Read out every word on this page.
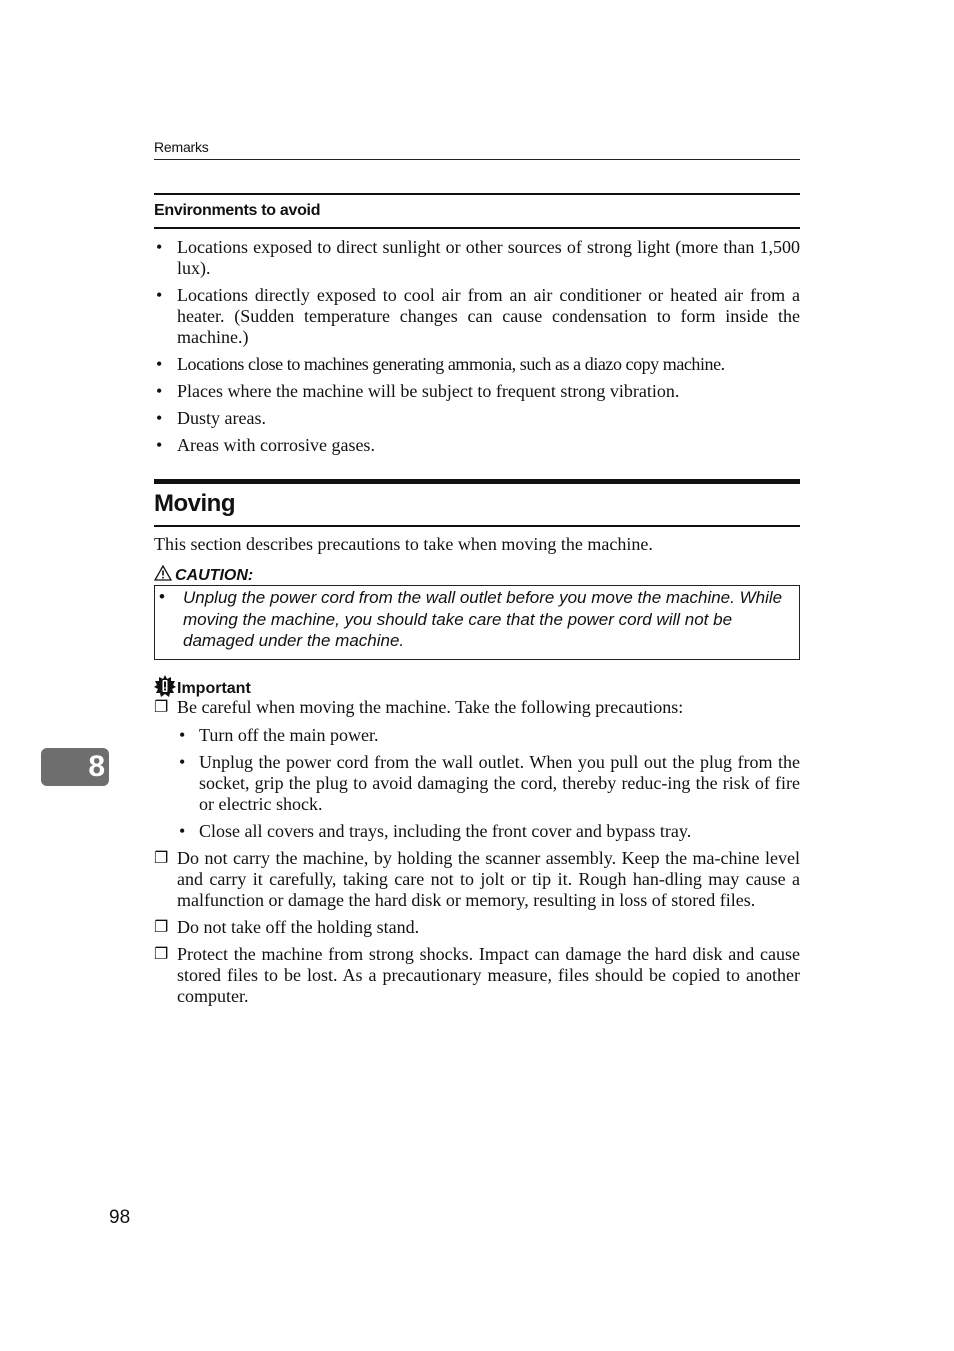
Remarks
Environments to avoid
• Locations exposed to direct sunlight or other sources of strong light (more than 1,500 lux).
• Locations directly exposed to cool air from an air conditioner or heated air from a heater. (Sudden temperature changes can cause condensation to form inside the machine.)
• Locations close to machines generating ammonia, such as a diazo copy machine.
• Places where the machine will be subject to frequent strong vibration.
• Dusty areas.
• Areas with corrosive gases.
Moving
This section describes precautions to take when moving the machine.
CAUTION:
• Unplug the power cord from the wall outlet before you move the machine. While moving the machine, you should take care that the power cord will not be damaged under the machine.
Important
❐ Be careful when moving the machine. Take the following precautions:
• Turn off the main power.
• Unplug the power cord from the wall outlet. When you pull out the plug from the socket, grip the plug to avoid damaging the cord, thereby reduc-ing the risk of fire or electric shock.
• Close all covers and trays, including the front cover and bypass tray.
❐ Do not carry the machine, by holding the scanner assembly. Keep the ma-chine level and carry it carefully, taking care not to jolt or tip it. Rough han-dling may cause a malfunction or damage the hard disk or memory, resulting in loss of stored files.
❐ Do not take off the holding stand.
❐ Protect the machine from strong shocks. Impact can damage the hard disk and cause stored files to be lost. As a precautionary measure, files should be copied to another computer.
8
98
